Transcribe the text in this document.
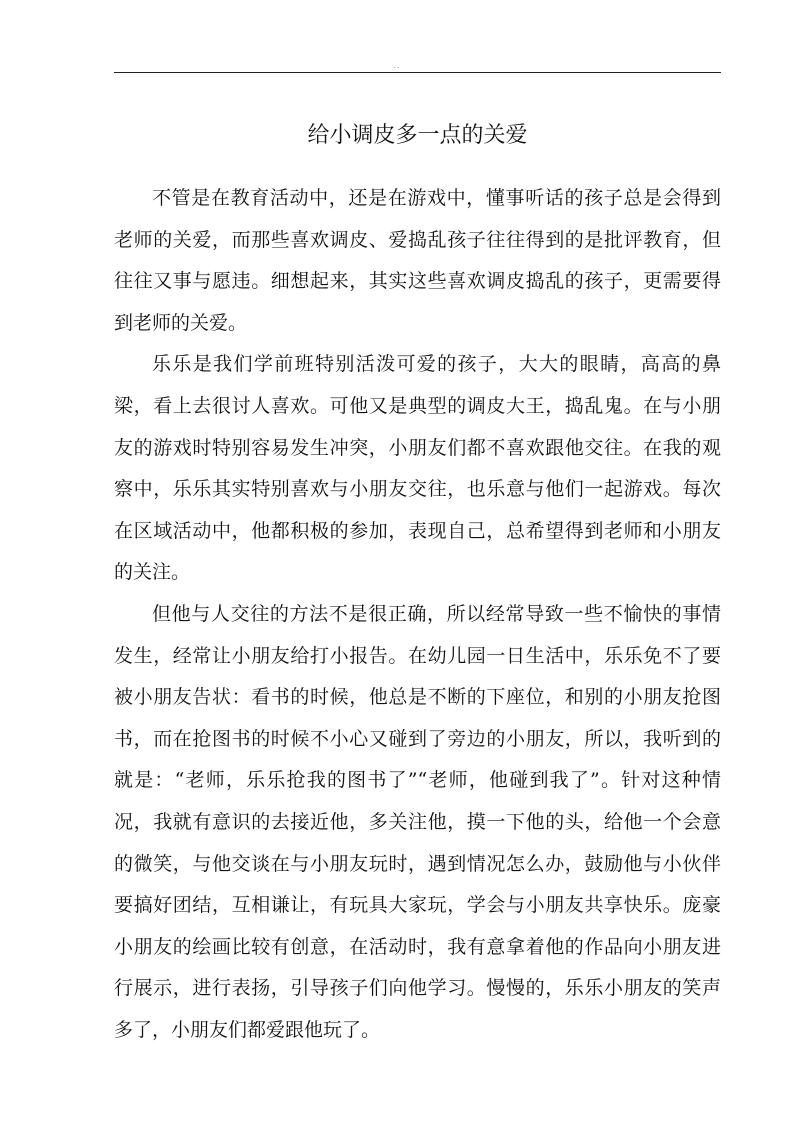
..
给小调皮多一点的关爱

不管是在教育活动中，还是在游戏中，懂事听话的孩子总是会得到老师的关爱，而那些喜欢调皮、爱捣乱孩子往往得到的是批评教育，但往往又事与愿违。细想起来，其实这些喜欢调皮捣乱的孩子，更需要得到老师的关爱。

乐乐是我们学前班特别活泼可爱的孩子，大大的眼睛，高高的鼻梁，看上去很讨人喜欢。可他又是典型的调皮大王，捣乱鬼。在与小朋友的游戏时特别容易发生冲突，小朋友们都不喜欢跟他交往。在我的观察中，乐乐其实特别喜欢与小朋友交往，也乐意与他们一起游戏。每次在区域活动中，他都积极的参加，表现自己，总希望得到老师和小朋友的关注。

但他与人交往的方法不是很正确，所以经常导致一些不愉快的事情发生，经常让小朋友给打小报告。在幼儿园一日生活中，乐乐免不了要被小朋友告状：看书的时候，他总是不断的下座位，和别的小朋友抢图书，而在抢图书的时候不小心又碰到了旁边的小朋友，所以，我听到的就是：“老师，乐乐抢我的图书了”“老师，他碰到我了”。针对这种情况，我就有意识的去接近他，多关注他，摸一下他的头，给他一个会意的微笑，与他交谈在与小朋友玩时，遇到情况怎么办，鼓励他与小伙伴要搞好团结，互相谦让，有玩具大家玩，学会与小朋友共享快乐。庞豪小朋友的绘画比较有创意，在活动时，我有意拿着他的作品向小朋友进行展示，进行表扬，引导孩子们向他学习。慢慢的，乐乐小朋友的笑声多了，小朋友们都爱跟他玩了。
